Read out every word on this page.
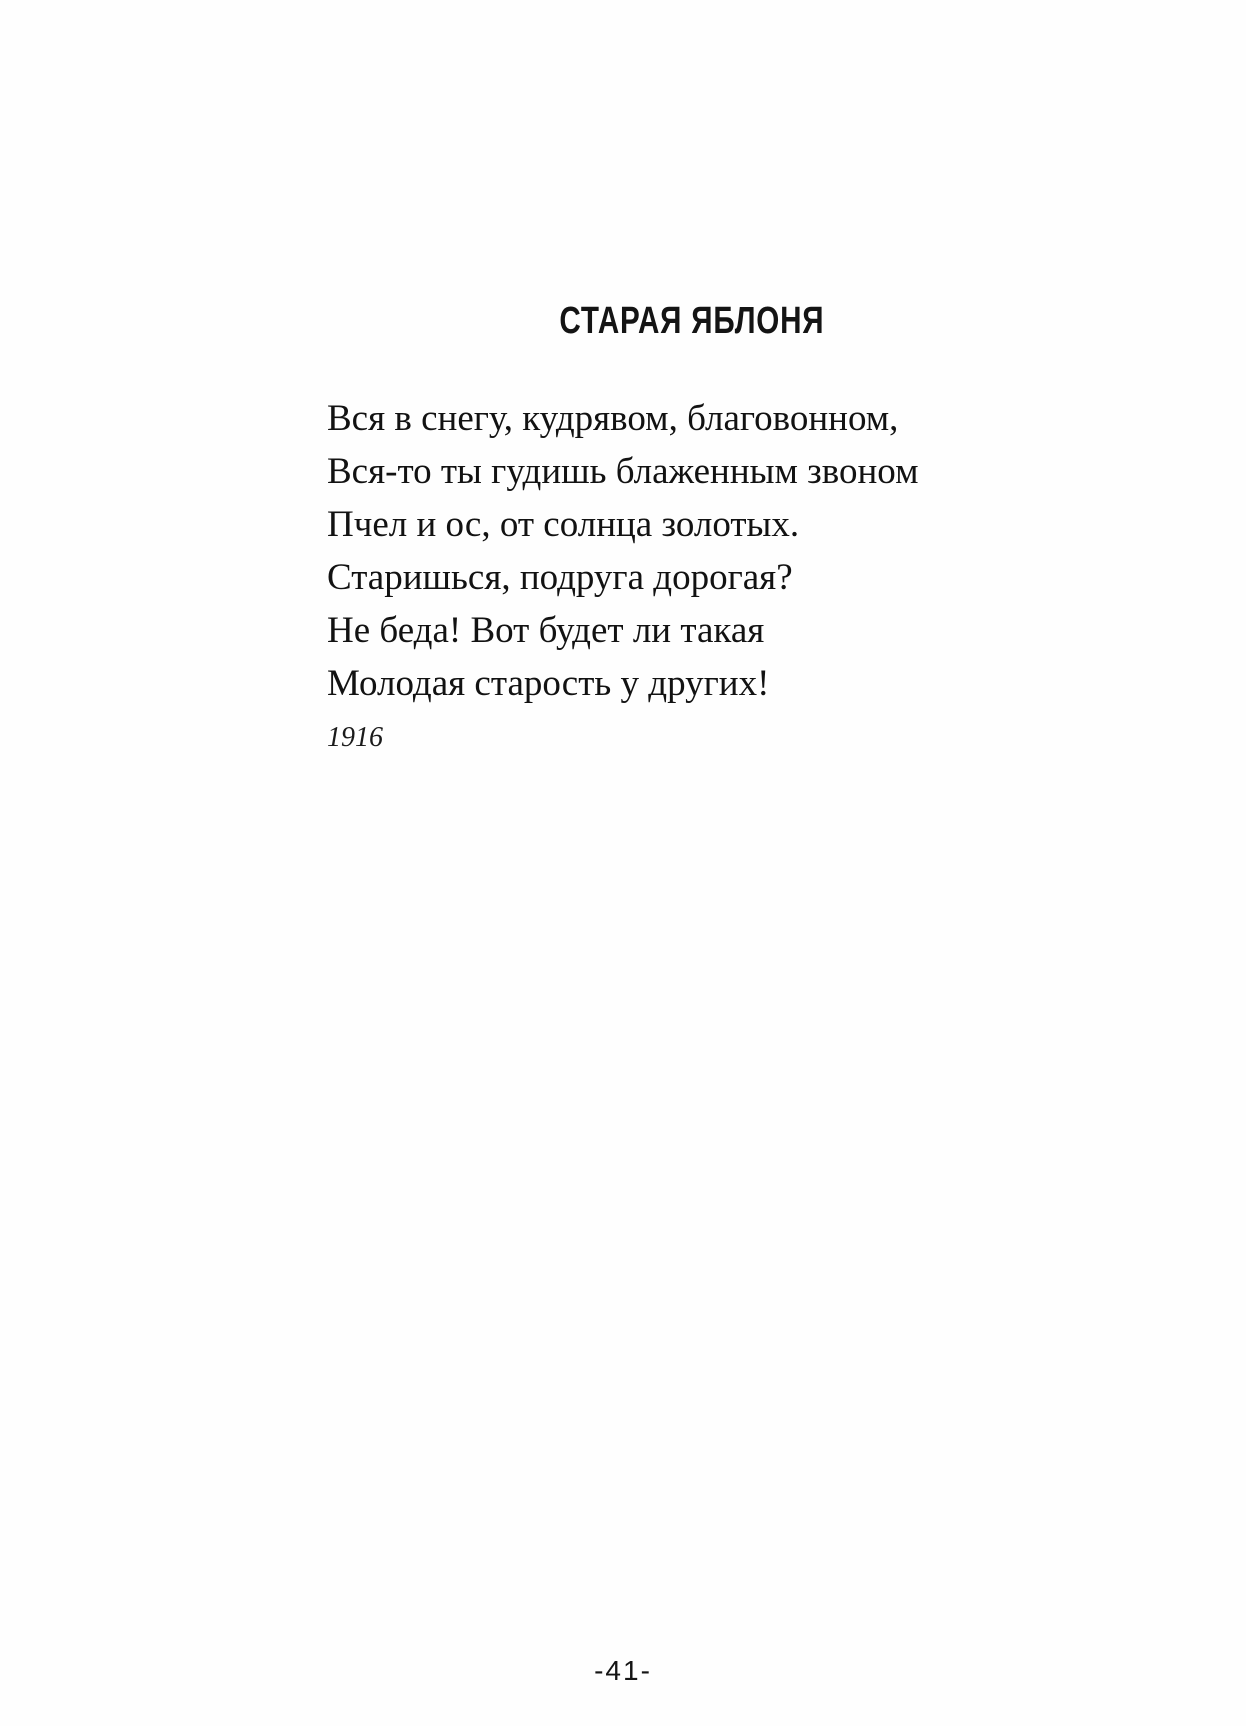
СТАРАЯ ЯБЛОНЯ
Вся в снегу, кудрявом, благовонном,
Вся-то ты гудишь блаженным звоном
Пчел и ос, от солнца золотых.
Старишься, подруга дорогая?
Не беда! Вот будет ли такая
Молодая старость у других!
1916
-41-
